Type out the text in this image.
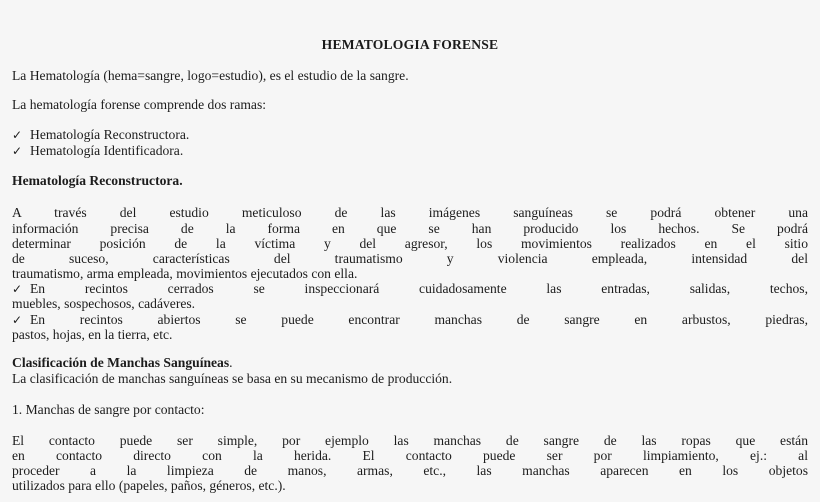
HEMATOLOGIA FORENSE
La Hematología (hema=sangre, logo=estudio), es el estudio de la sangre.
La hematología forense comprende dos ramas:
✓ Hematología Reconstructora.
✓ Hematología Identificadora.
Hematología Reconstructora.
A través del estudio meticuloso de las imágenes sanguíneas se podrá obtener una
información precisa de la forma en que se han producido los hechos. Se podrá
determinar posición de la víctima y del agresor, los movimientos realizados en el sitio
de suceso, características del traumatismo y violencia empleada, intensidad del
traumatismo, arma empleada, movimientos ejecutados con ella.
✓ En recintos cerrados se inspeccionará cuidadosamente las entradas, salidas, techos,
muebles, sospechosos, cadáveres.
✓ En recintos abiertos se puede encontrar manchas de sangre en arbustos, piedras,
pastos, hojas, en la tierra, etc.
Clasificación de Manchas Sanguíneas.
La clasificación de manchas sanguíneas se basa en su mecanismo de producción.
1. Manchas de sangre por contacto:
El contacto puede ser simple, por ejemplo las manchas de sangre de las ropas que están
en contacto directo con la herida. El contacto puede ser por limpiamiento, ej.: al
proceder a la limpieza de manos, armas, etc., las manchas aparecen en los objetos
utilizados para ello (papeles, paños, géneros, etc.).
